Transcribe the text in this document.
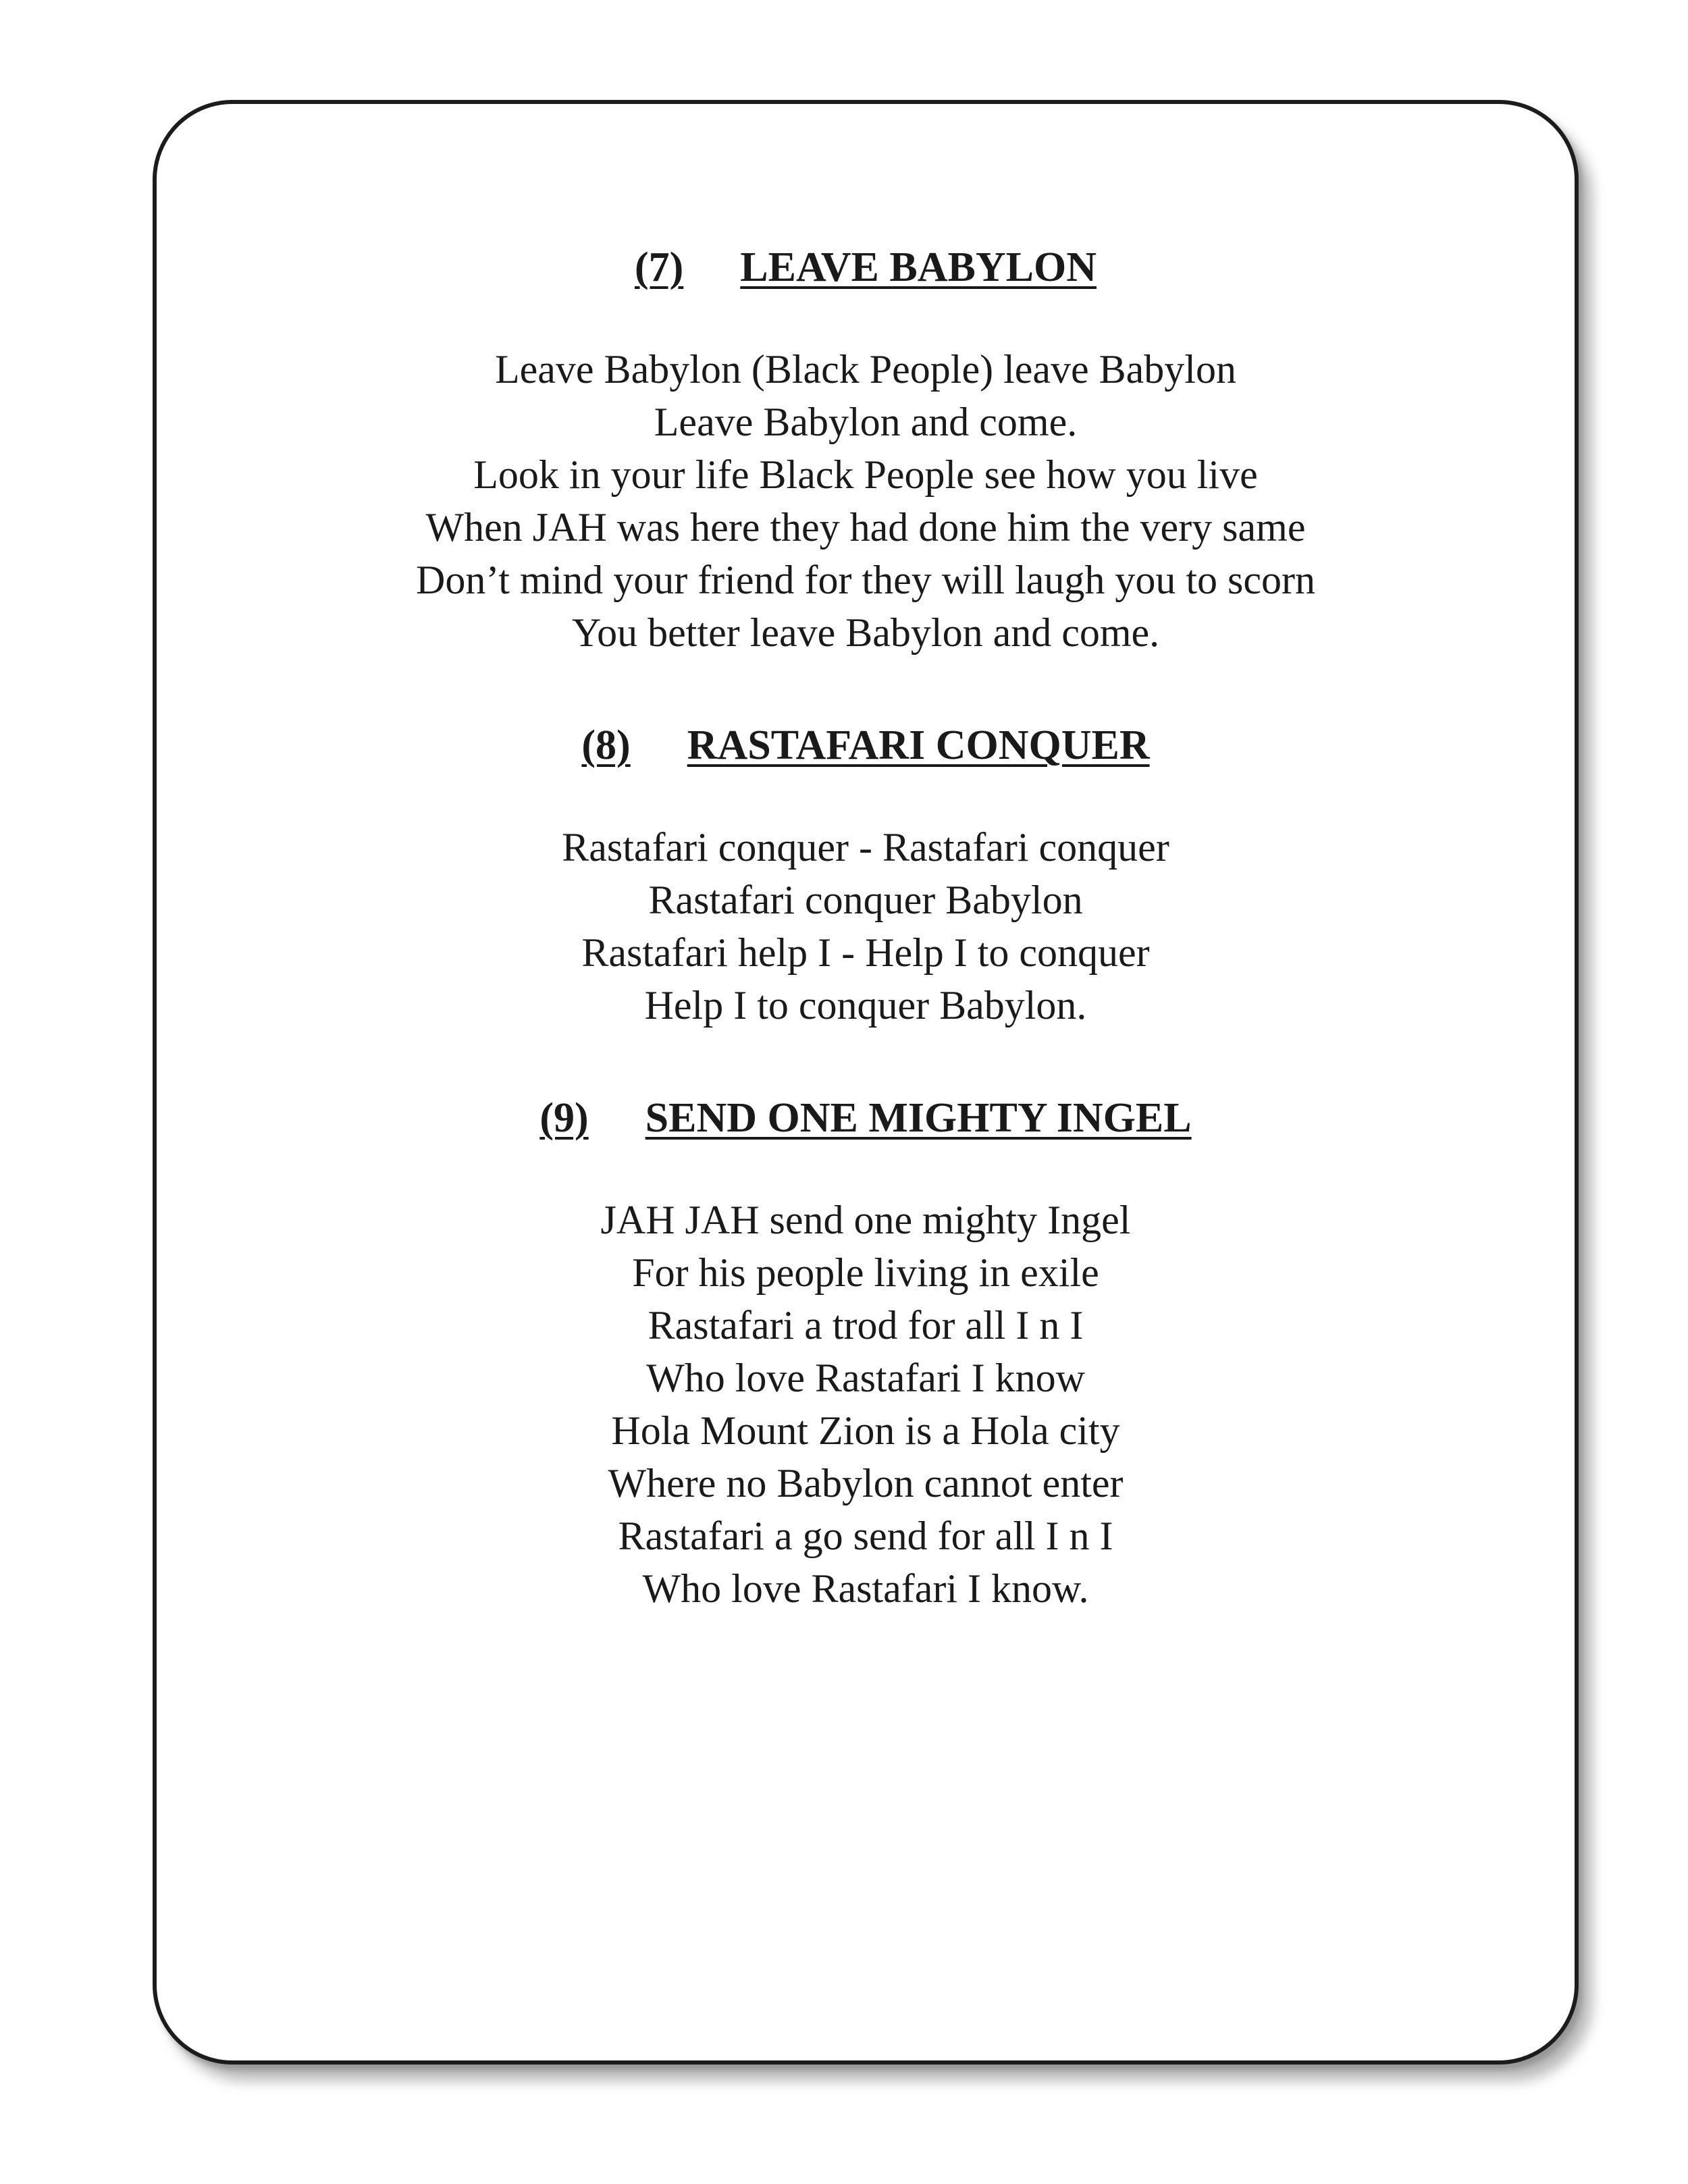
(7) LEAVE BABYLON
Leave Babylon (Black People) leave Babylon
Leave Babylon and come.
Look in your life Black People see how you live
When JAH was here they had done him the very same
Don’t mind your friend for they will laugh you to scorn
You better leave Babylon and come.
(8) RASTAFARI CONQUER
Rastafari conquer - Rastafari conquer
Rastafari conquer Babylon
Rastafari help I - Help I to conquer
Help I to conquer Babylon.
(9) SEND ONE MIGHTY INGEL
JAH JAH send one mighty Ingel
For his people living in exile
Rastafari a trod for all I n I
Who love Rastafari I know
Hola Mount Zion is a Hola city
Where no Babylon cannot enter
Rastafari a go send for all I n I
Who love Rastafari I know.
